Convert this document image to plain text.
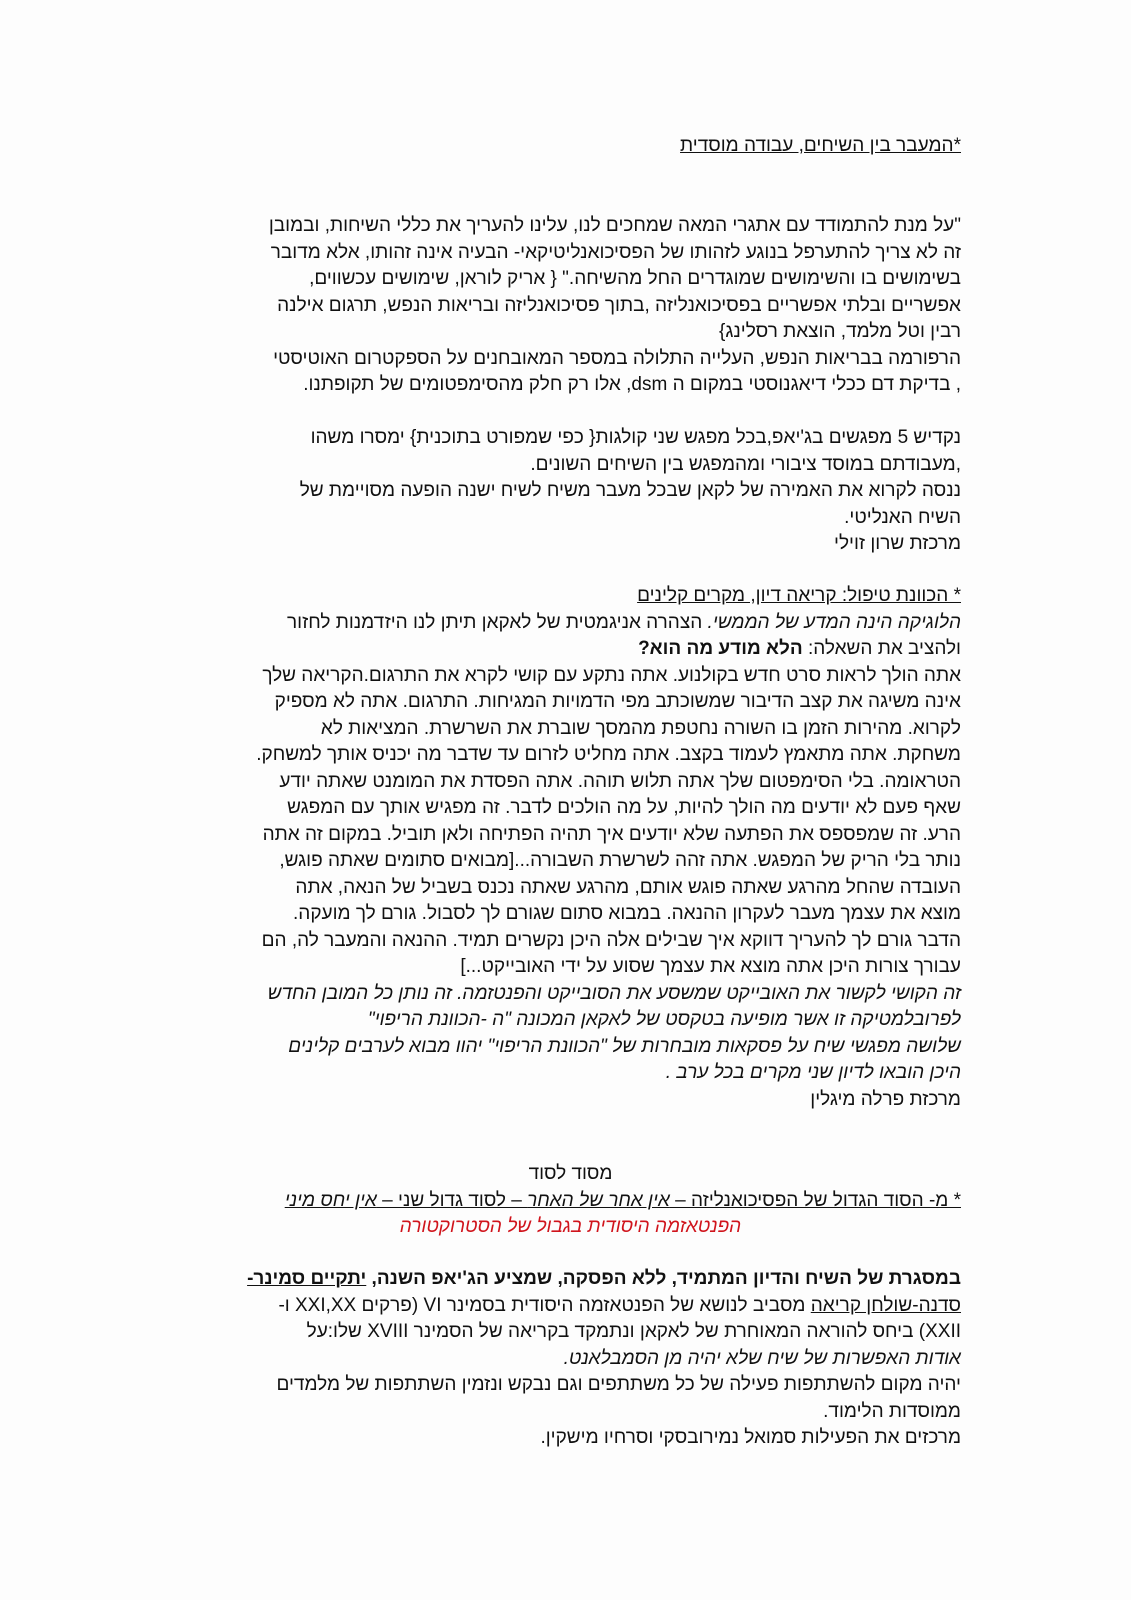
*המעבר בין השיחים, עבודה מוסדית
"על מנת להתמודד עם אתגרי המאה שמחכים לנו, עלינו להעריך את כללי השיחות, ובמובן
זה לא צריך להתערפל בנוגע לזהותו של הפסיכואנליטיקאי- הבעיה אינה זהותו, אלא מדובר
בשימושים בו והשימושים שמוגדרים החל מהשיחה." { אריק לוראן, שימושים עכשווים,
אפשריים ובלתי אפשריים בפסיכואנליזה ,בתוך פסיכואנליזה ובריאות הנפש, תרגום אילנה
רבין וטל מלמד, הוצאת רסלינג}
הרפורמה בבריאות הנפש, העלייה התלולה במספר המאובחנים על הספקטרום האוטיסטי
, בדיקת דם ככלי דיאגנוסטי במקום ה dsm, אלו רק חלק מהסימפטומים של תקופתנו.

נקדיש 5 מפגשים בג'יאפ,בכל מפגש שני קולגות{ כפי שמפורט בתוכנית} ימסרו משהו
,מעבודתם במוסד ציבורי ומהמפגש בין השיחים השונים.
ננסה לקרוא את האמירה של לקאן שבכל מעבר משיח לשיח ישנה הופעה מסויימת של
השיח האנליטי.
מרכזת שרון זוילי
* הכוונת טיפול: קריאה דיון, מקרים קלינים
הלוגיקה הינה המדע של הממשי. הצהרה אניגמטית של לאקאן תיתן לנו היזדמנות לחזור
ולהציב את השאלה: הלא מודע מה הוא?
אתה הולך לראות סרט חדש בקולנוע. אתה נתקע עם קושי לקרא את התרגום.הקריאה שלך
אינה משיגה את קצב הדיבור שמשוכתב מפי הדמויות המגיחות. התרגום. אתה לא מספיק
לקרוא. מהירות הזמן בו השורה נחטפת מהמסך שוברת את השרשרת. המציאות לא
משחקת. אתה מתאמץ לעמוד בקצב. אתה מחליט לזרום עד שדבר מה יכניס אותך למשחק.
הטראומה. בלי הסימפטום שלך אתה תלוש תוהה. אתה הפסדת את המומנט שאתה יודע
שאף פעם לא יודעים מה הולך להיות, על מה הולכים לדבר. זה מפגיש אותך עם המפגש
הרע. זה שמפספס את הפתעה שלא יודעים איך תהיה הפתיחה ולאן תוביל. במקום זה אתה
נותר בלי הריק של המפגש. אתה זהה לשרשרת השבורה...[מבואים סתומים שאתה פוגש,
העובדה שהחל מהרגע שאתה פוגש אותם, מהרגע שאתה נכנס בשביל של הנאה, אתה
מוצא את עצמך מעבר לעקרון ההנאה. במבוא סתום שגורם לך לסבול. גורם לך מועקה.
הדבר גורם לך להעריך דווקא איך שבילים אלה היכן נקשרים תמיד. ההנאה והמעבר לה, הם
עבורך צורות היכן אתה מוצא את עצמך שסוע על ידי האובייקט...]
זה הקושי לקשור את האובייקט שמשסע את הסובייקט והפנטזמה. זה נותן כל המובן החדש
לפרובלמטיקה זו אשר מופיעה בטקסט של לאקאן המכונה "ה -הכוונת הריפוי"
שלושה מפגשי שיח על פסקאות מובחרות של "הכוונת הריפוי" יהוו מבוא לערבים קלינים
היכן הובאו לדיון שני מקרים בכל ערב .
מרכזת פרלה מיגלין
מסוד לסוד
* מ- הסוד הגדול של הפסיכואנליזה – אין אחר של האחר – לסוד גדול שני – אין יחס מיני
הפנטאזמה היסודית בגבול של הסטרוקטורה
במסגרת של השיח והדיון המתמיד, ללא הפסקה, שמציע הג'יאפ השנה, יתקיים סמינר-
סדנה-שולחן קריאה מסביב לנושא של הפנטאזמה היסודית בסמינר VI (פרקים XXI,XX ו-
XXII) ביחס להוראה המאוחרת של לאקאן ונתמקד בקריאה של הסמינר XVIII שלו:על
אודות האפשרות של שיח שלא יהיה מן הסמבלאנט.
יהיה מקום להשתתפות פעילה של כל משתתפים וגם נבקש ונזמין השתתפות של מלמדים
ממוסדות הלימוד.
מרכזים את הפעילות סמואל נמירובסקי וסרחיו מישקין.
